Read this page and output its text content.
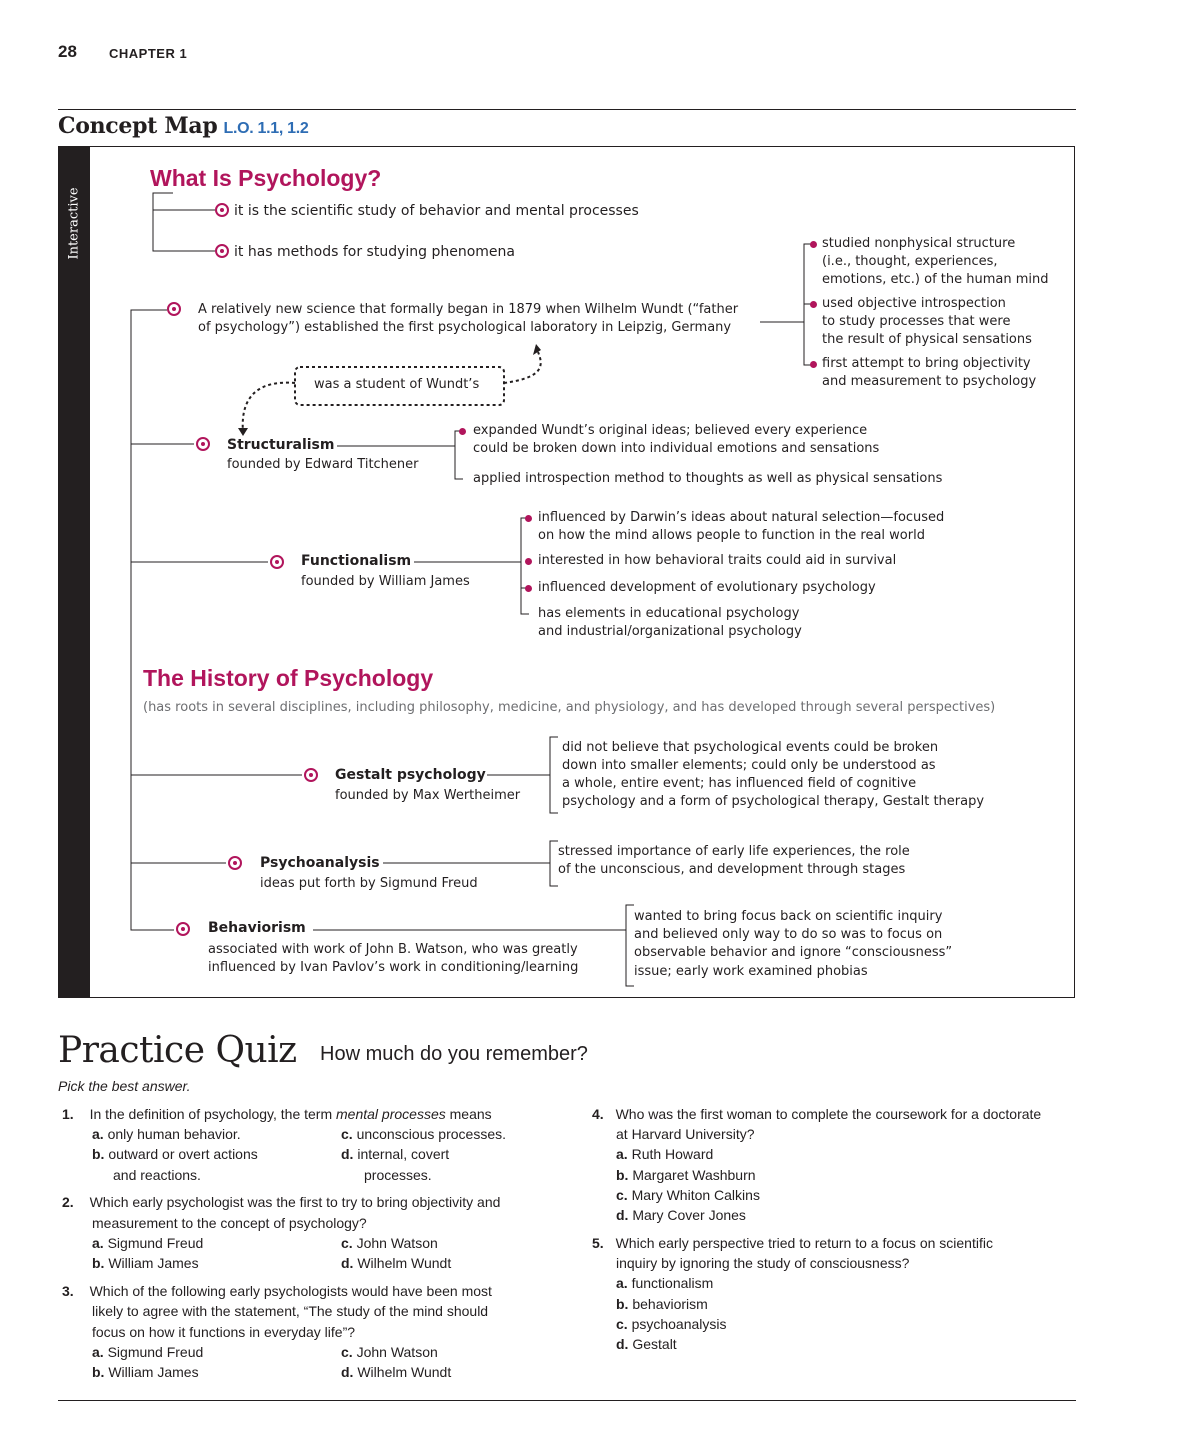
28 CHAPTER 1
Concept Map L.O. 1.1, 1.2
Interactive
What Is Psychology?
it is the scientific study of behavior and mental processes
it has methods for studying phenomena
A relatively new science that formally began in 1879 when Wilhelm Wundt (“father
of psychology”) established the first psychological laboratory in Leipzig, Germany
studied nonphysical structure
(i.e., thought, experiences,
emotions, etc.) of the human mind
used objective introspection
to study processes that were
the result of physical sensations
first attempt to bring objectivity
and measurement to psychology
was a student of Wundt’s
Structuralism
founded by Edward Titchener
expanded Wundt’s original ideas; believed every experience
could be broken down into individual emotions and sensations
applied introspection method to thoughts as well as physical sensations
Functionalism
founded by William James
influenced by Darwin’s ideas about natural selection—focused
on how the mind allows people to function in the real world
interested in how behavioral traits could aid in survival
influenced development of evolutionary psychology
has elements in educational psychology
and industrial/organizational psychology
The History of Psychology
(has roots in several disciplines, including philosophy, medicine, and physiology, and has developed through several perspectives)
Gestalt psychology
founded by Max Wertheimer
did not believe that psychological events could be broken
down into smaller elements; could only be understood as
a whole, entire event; has influenced field of cognitive
psychology and a form of psychological therapy, Gestalt therapy
Psychoanalysis
ideas put forth by Sigmund Freud
stressed importance of early life experiences, the role
of the unconscious, and development through stages
Behaviorism
associated with work of John B. Watson, who was greatly
influenced by Ivan Pavlov’s work in conditioning/learning
wanted to bring focus back on scientific inquiry
and believed only way to do so was to focus on
observable behavior and ignore “consciousness”
issue; early work examined phobias
Practice Quiz How much do you remember?
Pick the best answer.
1. In the definition of psychology, the term mental processes means
a. only human behavior.
b. outward or overt actions
and reactions.
c. unconscious processes.
d. internal, covert
processes.
2. Which early psychologist was the first to try to bring objectivity and
measurement to the concept of psychology?
a. Sigmund Freud
b. William James
c. John Watson
d. Wilhelm Wundt
3. Which of the following early psychologists would have been most
likely to agree with the statement, “The study of the mind should
focus on how it functions in everyday life”?
a. Sigmund Freud
b. William James
c. John Watson
d. Wilhelm Wundt
4. Who was the first woman to complete the coursework for a doctorate
at Harvard University?
a. Ruth Howard
b. Margaret Washburn
c. Mary Whiton Calkins
d. Mary Cover Jones
5. Which early perspective tried to return to a focus on scientific
inquiry by ignoring the study of consciousness?
a. functionalism
b. behaviorism
c. psychoanalysis
d. Gestalt
